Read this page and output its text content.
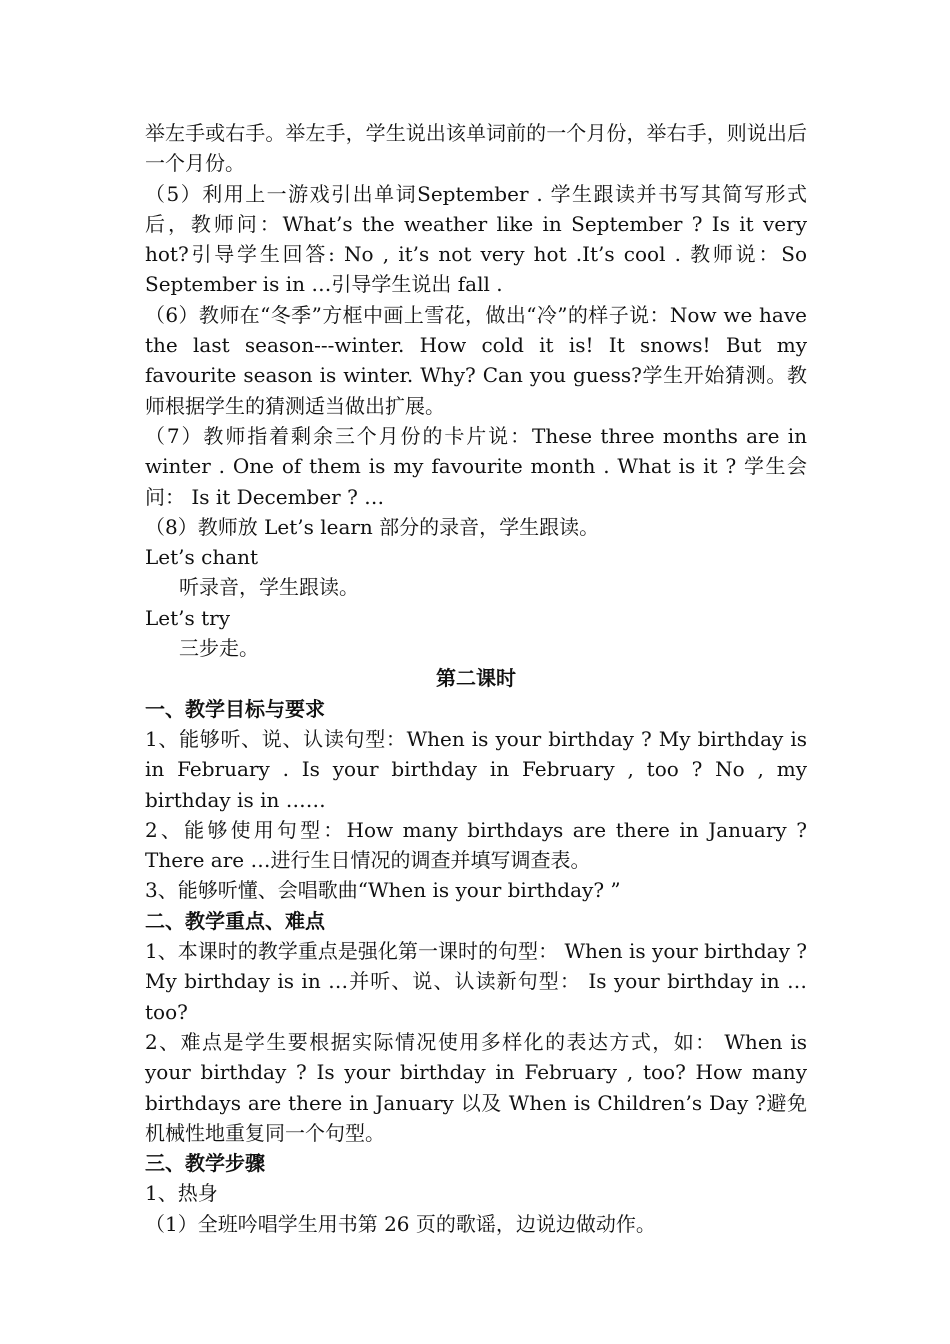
举左手或右手。举左手，学生说出该单词前的一个月份，举右手，则说出后一个月份。

（5）利用上一游戏引出单词September . 学生跟读并书写其简写形式后，教师问：What’s the weather like in September ? Is it very hot?引导学生回答: No , it’s not very hot .It’s cool . 教师说：So September is in …引导学生说出 fall .

（6）教师在“冬季”方框中画上雪花，做出“冷”的样子说：Now we have the last season---winter. How cold it is! It snows! But my favourite season is winter. Why? Can you guess?学生开始猜测。教师根据学生的猜测适当做出扩展。

（7）教师指着剩余三个月份的卡片说：These three months are in winter . One of them is my favourite month . What is it ? 学生会问： Is it December ? …

（8）教师放 Let’s learn 部分的录音，学生跟读。

Let’s chant

听录音，学生跟读。

Let’s try

三步走。

第二课时

一、教学目标与要求

1、能够听、说、认读句型：When is your birthday ? My birthday is in February . Is your birthday in February , too ? No , my birthday is in ……

2、能够使用句型：How many birthdays are there in January ? There are …进行生日情况的调查并填写调查表。

3、能够听懂、会唱歌曲“When is your birthday? ”

二、教学重点、难点

1、本课时的教学重点是强化第一课时的句型： When is your birthday ? My birthday is in …并听、说、认读新句型： Is your birthday in …too?

2、难点是学生要根据实际情况使用多样化的表达方式，如： When is your birthday ? Is your birthday in February , too? How many birthdays are there in January 以及 When is Children’s Day ?避免机械性地重复同一个句型。

三、教学步骤

1、热身

（1）全班吟唱学生用书第 26 页的歌谣，边说边做动作。
